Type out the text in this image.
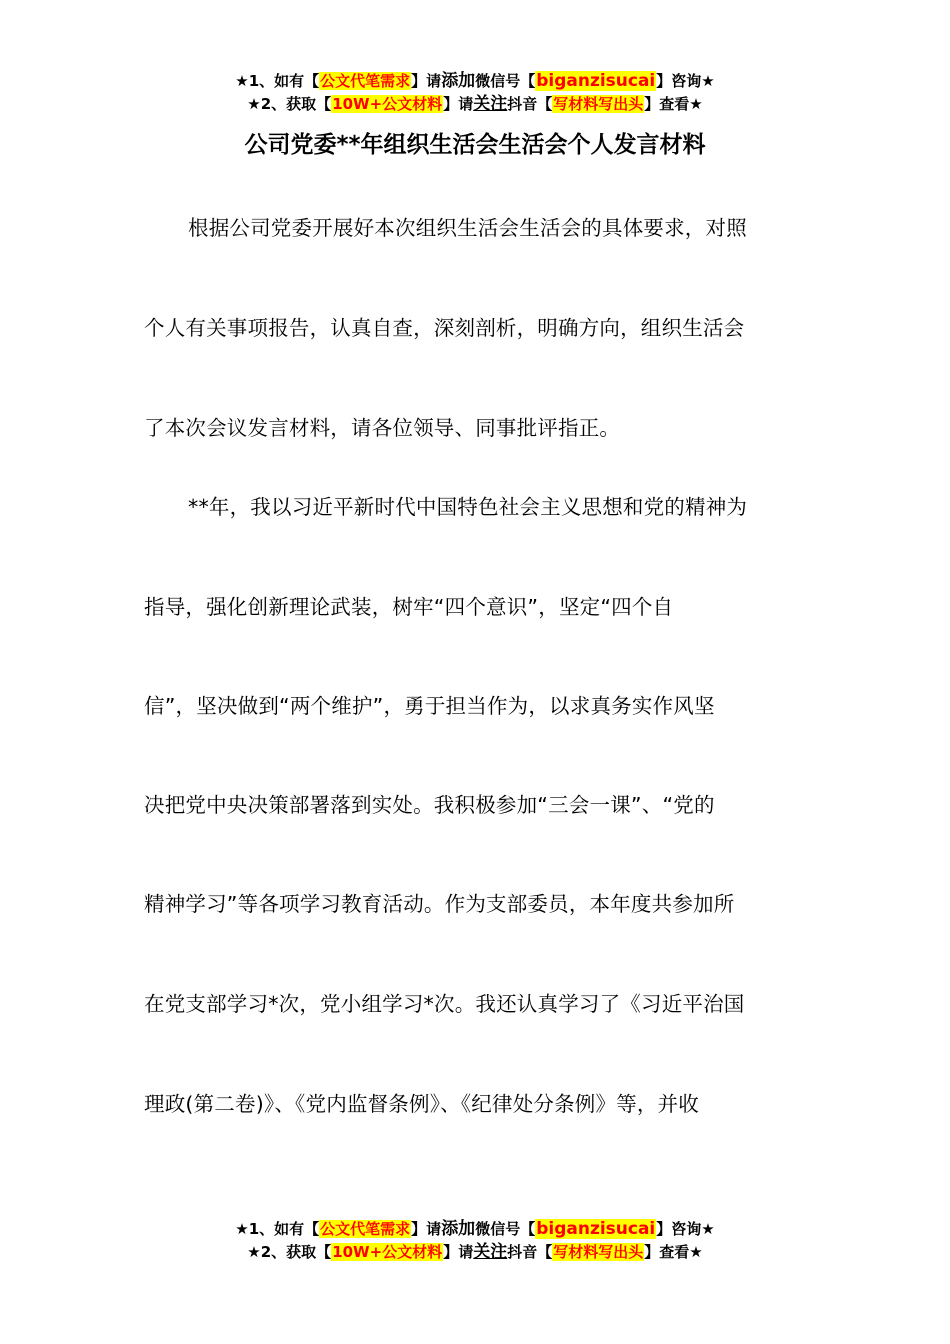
★1、如有【公文代笔需求】请添加微信号【biganzisucai】咨询★
★2、获取【10W+公文材料】请关注抖音【写材料写出头】查看★
公司党委**年组织生活会生活会个人发言材料
根据公司党委开展好本次组织生活会生活会的具体要求，对照
个人有关事项报告，认真自查，深刻剖析，明确方向，组织生活会
了本次会议发言材料，请各位领导、同事批评指正。
**年，我以习近平新时代中国特色社会主义思想和党的精神为
指导，强化创新理论武装，树牢“四个意识”，坚定“四个自
信”，坚决做到“两个维护”，勇于担当作为，以求真务实作风坚
决把党中央决策部署落到实处。我积极参加“三会一课”、“党的
精神学习”等各项学习教育活动。作为支部委员，本年度共参加所
在党支部学习*次，党小组学习*次。我还认真学习了《习近平治国
理政(第二卷)》、《党内监督条例》、《纪律处分条例》等，并收
★1、如有【公文代笔需求】请添加微信号【biganzisucai】咨询★
★2、获取【10W+公文材料】请关注抖音【写材料写出头】查看★
